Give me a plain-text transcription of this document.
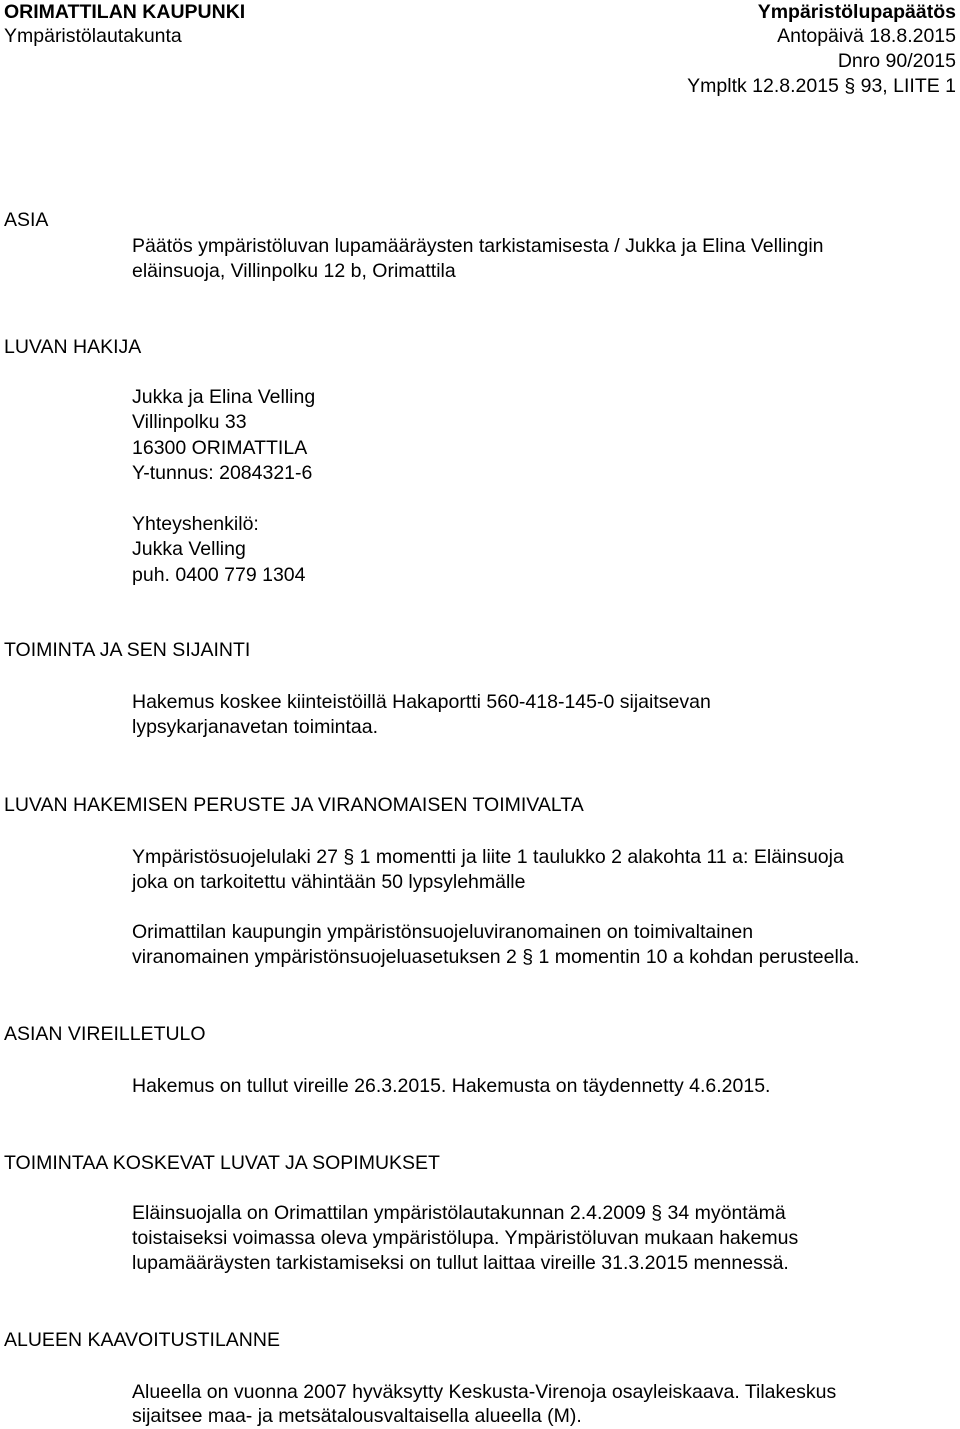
ORIMATTILAN KAUPUNKI
Ympäristölautakunta
Ympäristölupapäätös
Antopäivä 18.8.2015
Dnro 90/2015
Ympltk 12.8.2015 § 93, LIITE 1
ASIA
Päätös ympäristöluvan lupamääräysten tarkistamisesta / Jukka ja Elina Vellingin
eläinsuoja, Villinpolku 12 b, Orimattila
LUVAN HAKIJA
Jukka ja Elina Velling
Villinpolku 33
16300 ORIMATTILA
Y-tunnus: 2084321-6
Yhteyshenkilö:
Jukka Velling
puh. 0400 779 1304
TOIMINTA JA SEN SIJAINTI
Hakemus koskee kiinteistöillä Hakaportti 560-418-145-0 sijaitsevan
lypsykarjanavetan toimintaa.
LUVAN HAKEMISEN PERUSTE JA VIRANOMAISEN TOIMIVALTA
Ympäristösuojelulaki 27 § 1 momentti ja liite 1 taulukko 2 alakohta 11 a: Eläinsuoja
joka on tarkoitettu vähintään 50 lypsylehmälle
Orimattilan kaupungin ympäristönsuojeluviranomainen on toimivaltainen
viranomainen ympäristönsuojeluasetuksen 2 § 1 momentin 10 a kohdan perusteella.
ASIAN VIREILLETULO
Hakemus on tullut vireille 26.3.2015. Hakemusta on täydennetty 4.6.2015.
TOIMINTAA KOSKEVAT LUVAT JA SOPIMUKSET
Eläinsuojalla on Orimattilan ympäristölautakunnan 2.4.2009 § 34 myöntämä
toistaiseksi voimassa oleva ympäristölupa. Ympäristöluvan mukaan hakemus
lupamääräysten tarkistamiseksi on tullut laittaa vireille 31.3.2015 mennessä.
ALUEEN KAAVOITUSTILANNE
Alueella on vuonna 2007 hyväksytty Keskusta-Virenoja osayleiskaava. Tilakeskus
sijaitsee maa- ja metsätalousvaltaisella alueella (M).
